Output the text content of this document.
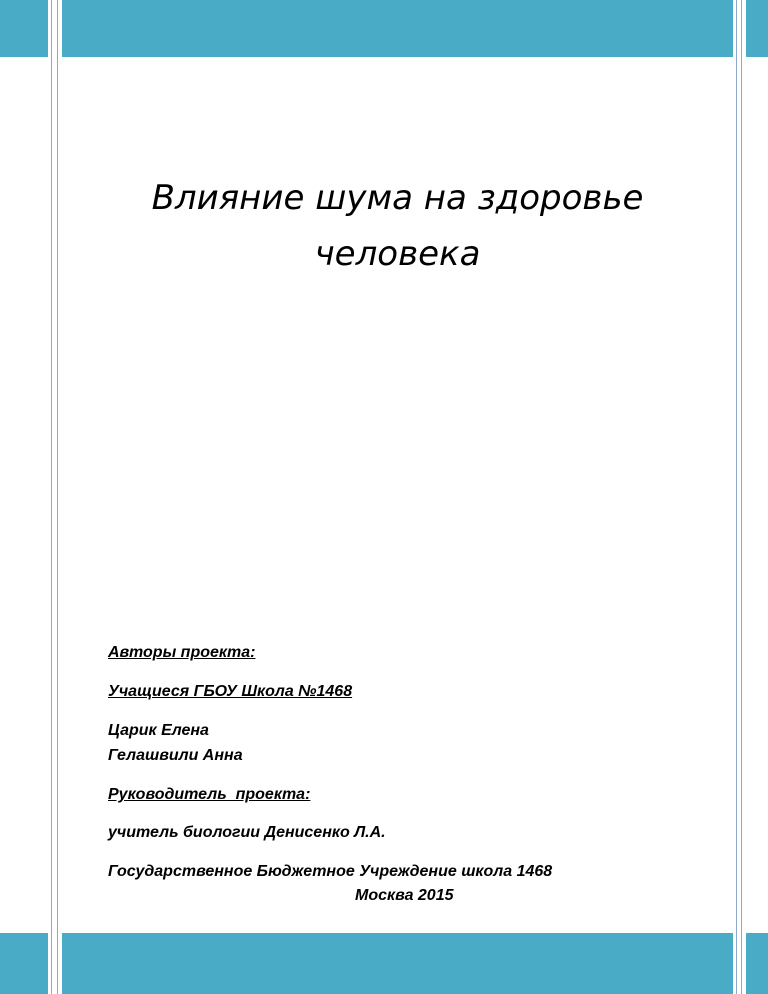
Влияние шума на здоровье
человека
Авторы проекта:
Учащиеся ГБОУ Школа №1468
Царик Елена
Гелашвили Анна
Руководитель  проекта:
учитель биологии Денисенко Л.А.
Государственное Бюджетное Учреждение школа 1468
Москва 2015
